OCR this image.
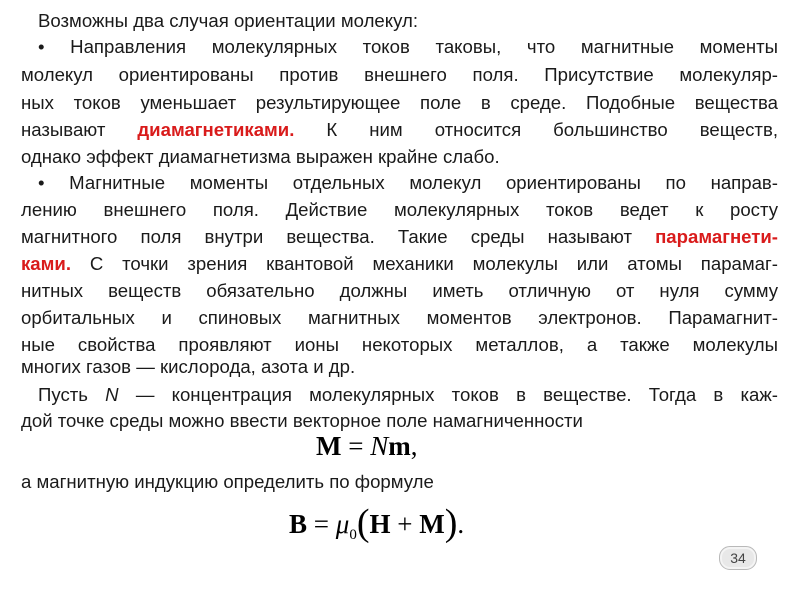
Возможны два случая ориентации молекул:
• Направления молекулярных токов таковы, что магнитные моменты
молекул ориентированы против внешнего поля. Присутствие молекуляр-
ных токов уменьшает результирующее поле в среде. Подобные вещества
называют диамагнетиками. К ним относится большинство веществ,
однако эффект диамагнетизма выражен крайне слабо.
• Магнитные моменты отдельных молекул ориентированы по направ-
лению внешнего поля. Действие молекулярных токов ведет к росту
магнитного поля внутри вещества. Такие среды называют парамагнети-
ками. С точки зрения квантовой механики молекулы или атомы парамаг-
нитных веществ обязательно должны иметь отличную от нуля сумму
орбитальных и спиновых магнитных моментов электронов. Парамагнит-
ные свойства проявляют ионы некоторых металлов, а также молекулы
многих газов — кислорода, азота и др.
Пусть N — концентрация молекулярных токов в веществе. Тогда в каж-
дой точке среды можно ввести векторное поле намагниченности
M = Nm,
а магнитную индукцию определить по формуле
$B = \mu_0(H + M)$.
34
